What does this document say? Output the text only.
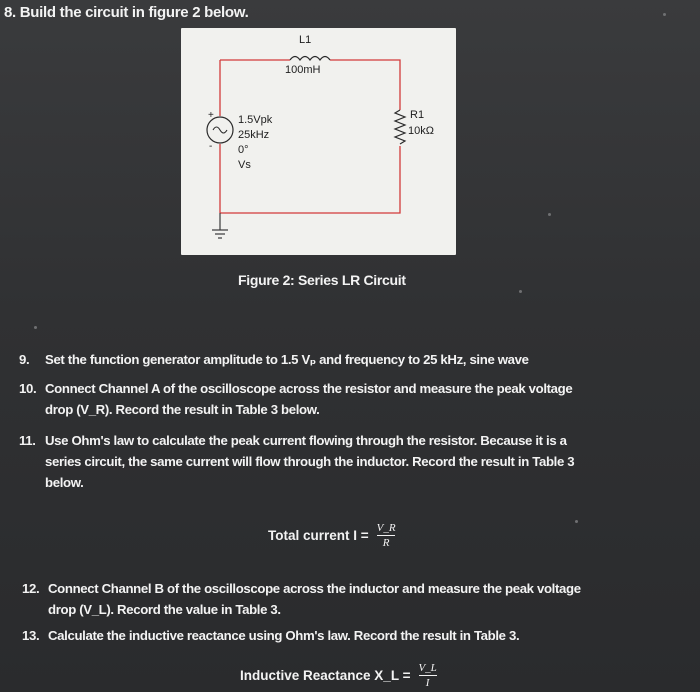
8. Build the circuit in figure 2 below.
+
-
L1
100mH
R1
10kΩ
1.5Vpk
25kHz
0°
Vs
Figure 2: Series LR Circuit
9. Set the function generator amplitude to 1.5 Vₚ and frequency to 25 kHz, sine wave
10. Connect Channel A of the oscilloscope across the resistor and measure the peak voltage
drop (V_R). Record the result in Table 3 below.
11. Use Ohm's law to calculate the peak current flowing through the resistor. Because it is a
series circuit, the same current will flow through the inductor. Record the result in Table 3
below.
Total current $I = \frac{V\_R}{R}$
12. Connect Channel B of the oscilloscope across the inductor and measure the peak voltage
drop (V_L). Record the value in Table 3.
13. Calculate the inductive reactance using Ohm's law. Record the result in Table 3.
Inductive Reactance X_L = $\frac{V\_L}{I}$
